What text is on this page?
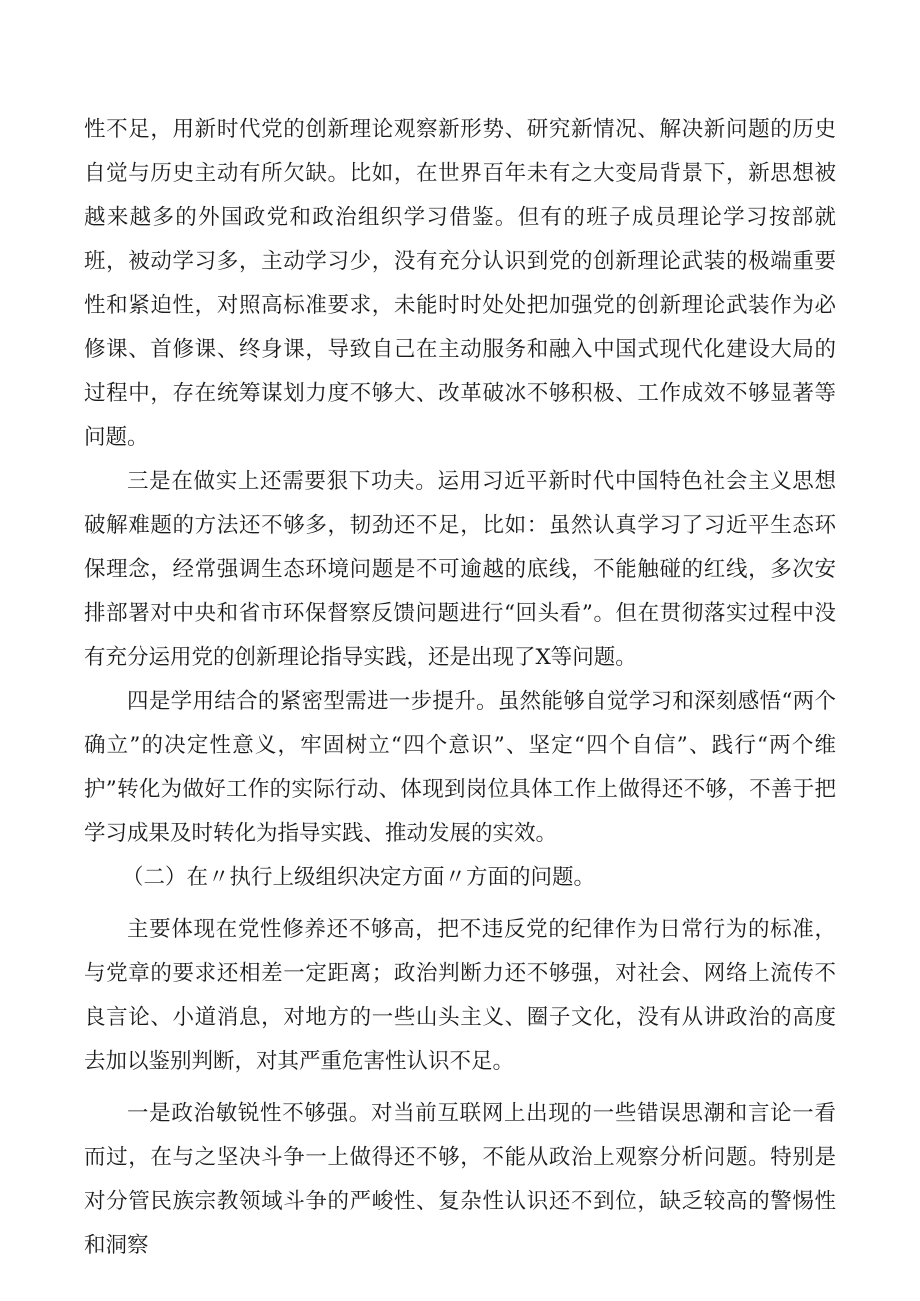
性不足，用新时代党的创新理论观察新形势、研究新情况、解决新问题的历史自觉与历史主动有所欠缺。比如，在世界百年未有之大变局背景下，新思想被越来越多的外国政党和政治组织学习借鉴。但有的班子成员理论学习按部就班，被动学习多，主动学习少，没有充分认识到党的创新理论武装的极端重要性和紧迫性，对照高标准要求，未能时时处处把加强党的创新理论武装作为必修课、首修课、终身课，导致自己在主动服务和融入中国式现代化建设大局的过程中，存在统筹谋划力度不够大、改革破冰不够积极、工作成效不够显著等问题。

三是在做实上还需要狠下功夫。运用习近平新时代中国特色社会主义思想破解难题的方法还不够多，韧劲还不足，比如：虽然认真学习了习近平生态环保理念，经常强调生态环境问题是不可逾越的底线，不能触碰的红线，多次安排部署对中央和省市环保督察反馈问题进行“回头看”。但在贯彻落实过程中没有充分运用党的创新理论指导实践，还是出现了X等问题。

四是学用结合的紧密型需进一步提升。虽然能够自觉学习和深刻感悟“两个确立”的决定性意义，牢固树立“四个意识”、坚定“四个自信”、践行“两个维护”转化为做好工作的实际行动、体现到岗位具体工作上做得还不够，不善于把学习成果及时转化为指导实践、推动发展的实效。

（二）在〃执行上级组织决定方面〃方面的问题。

主要体现在党性修养还不够高，把不违反党的纪律作为日常行为的标准，与党章的要求还相差一定距离；政治判断力还不够强，对社会、网络上流传不良言论、小道消息，对地方的一些山头主义、圈子文化，没有从讲政治的高度去加以鉴别判断，对其严重危害性认识不足。

一是政治敏锐性不够强。对当前互联网上出现的一些错误思潮和言论一看而过，在与之坚决斗争一上做得还不够，不能从政治上观察分析问题。特别是对分管民族宗教领域斗争的严峻性、复杂性认识还不到位，缺乏较高的警惕性和洞察
